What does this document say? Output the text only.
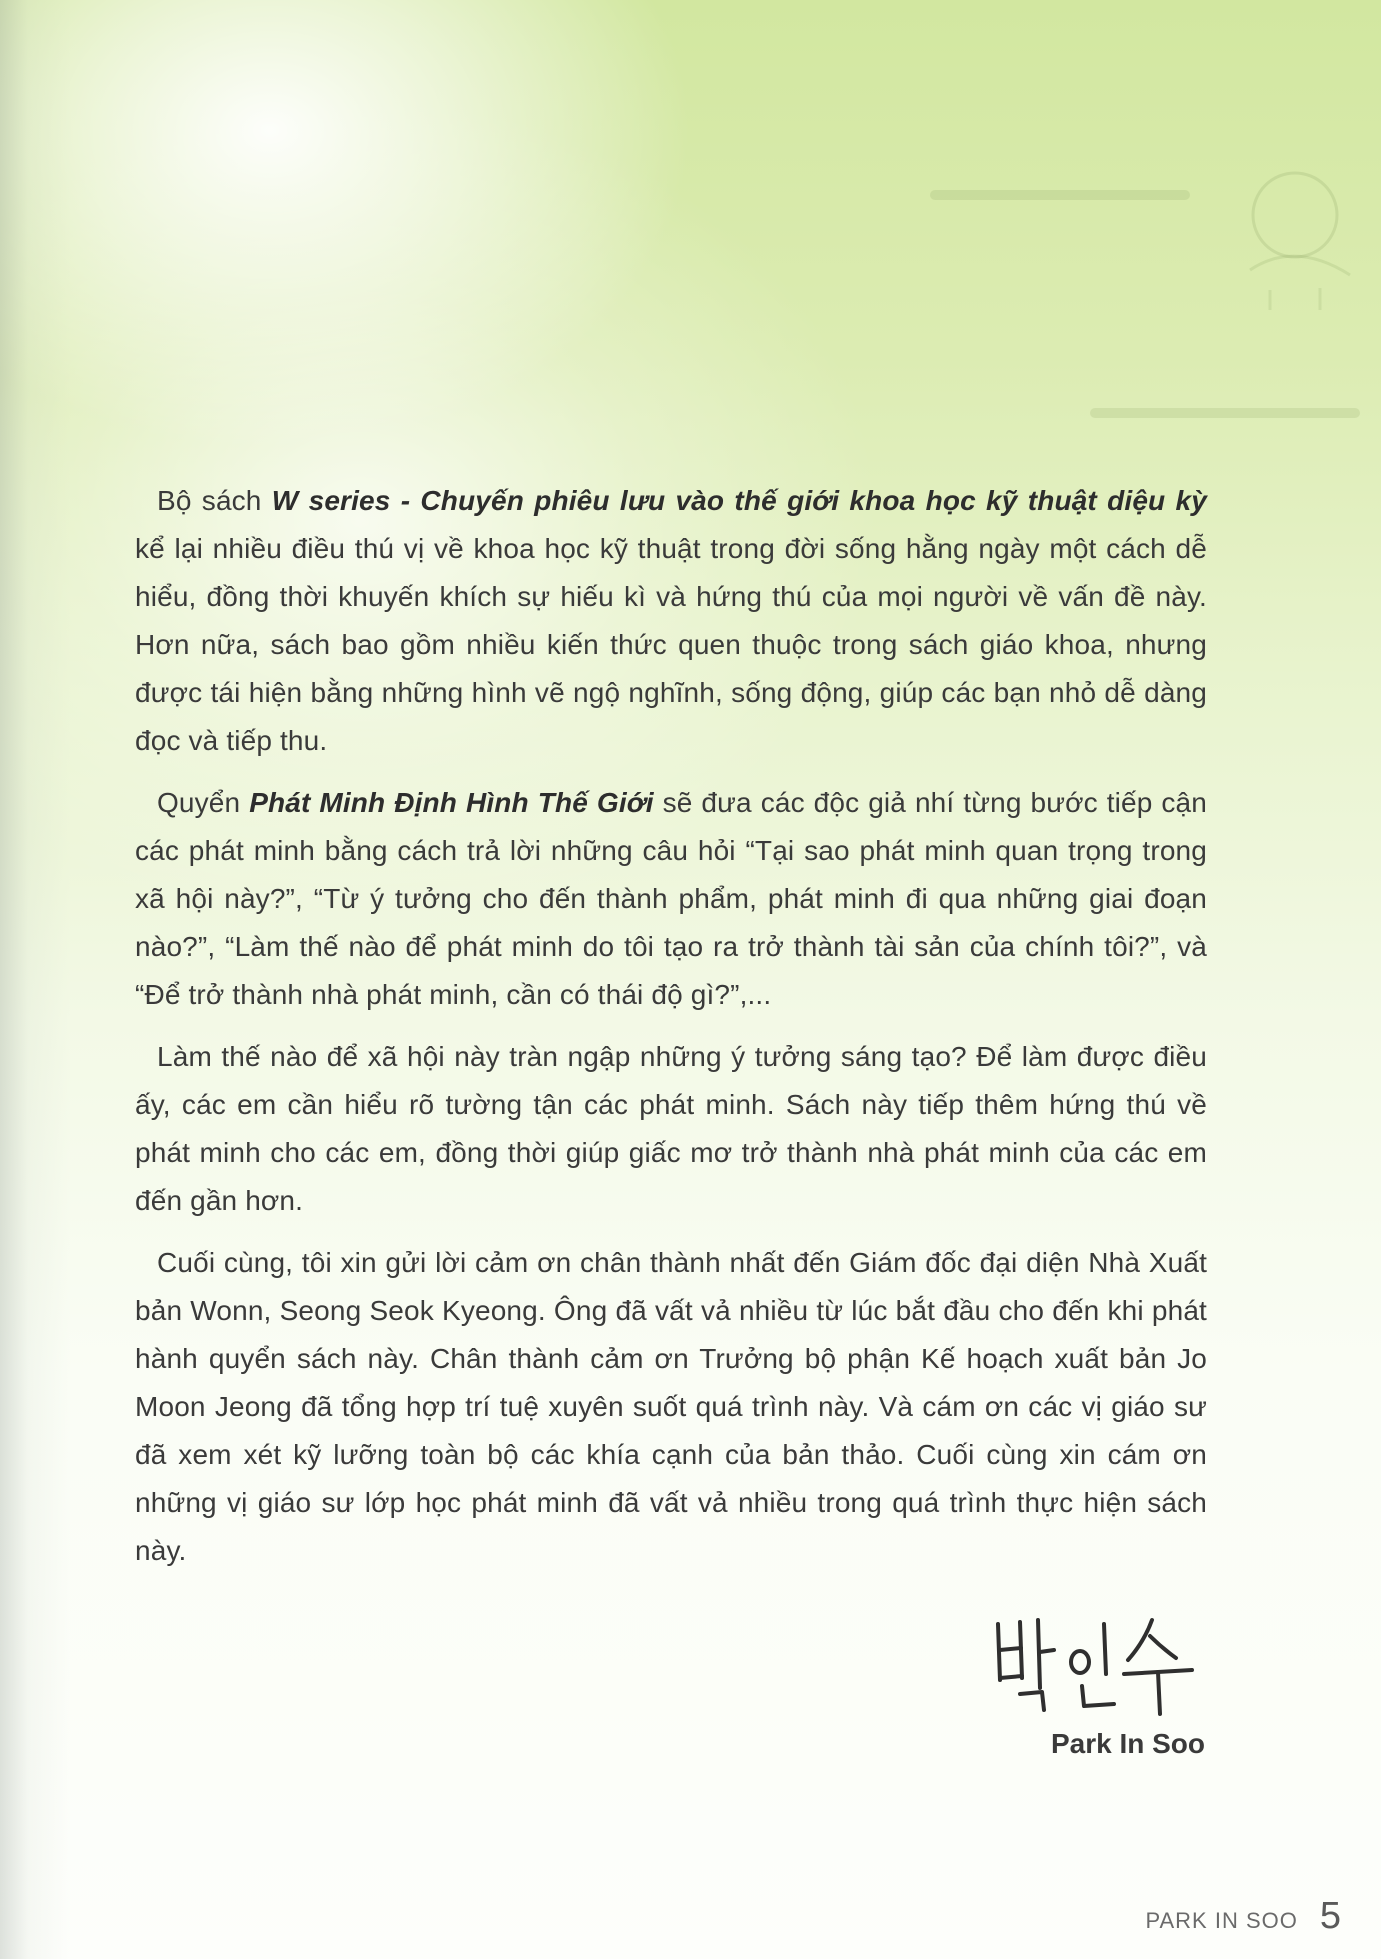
Bộ sách W series - Chuyến phiêu lưu vào thế giới khoa học kỹ thuật diệu kỳ kể lại nhiều điều thú vị về khoa học kỹ thuật trong đời sống hằng ngày một cách dễ hiểu, đồng thời khuyến khích sự hiếu kì và hứng thú của mọi người về vấn đề này. Hơn nữa, sách bao gồm nhiều kiến thức quen thuộc trong sách giáo khoa, nhưng được tái hiện bằng những hình vẽ ngộ nghĩnh, sống động, giúp các bạn nhỏ dễ dàng đọc và tiếp thu.

Quyển Phát Minh Định Hình Thế Giới sẽ đưa các độc giả nhí từng bước tiếp cận các phát minh bằng cách trả lời những câu hỏi “Tại sao phát minh quan trọng trong xã hội này?”, “Từ ý tưởng cho đến thành phẩm, phát minh đi qua những giai đoạn nào?”, “Làm thế nào để phát minh do tôi tạo ra trở thành tài sản của chính tôi?”, và “Để trở thành nhà phát minh, cần có thái độ gì?”,...

Làm thế nào để xã hội này tràn ngập những ý tưởng sáng tạo? Để làm được điều ấy, các em cần hiểu rõ tường tận các phát minh. Sách này tiếp thêm hứng thú về phát minh cho các em, đồng thời giúp giấc mơ trở thành nhà phát minh của các em đến gần hơn.

Cuối cùng, tôi xin gửi lời cảm ơn chân thành nhất đến Giám đốc đại diện Nhà Xuất bản Wonn, Seong Seok Kyeong. Ông đã vất vả nhiều từ lúc bắt đầu cho đến khi phát hành quyển sách này. Chân thành cảm ơn Trưởng bộ phận Kế hoạch xuất bản Jo Moon Jeong đã tổng hợp trí tuệ xuyên suốt quá trình này. Và cám ơn các vị giáo sư đã xem xét kỹ lưỡng toàn bộ các khía cạnh của bản thảo. Cuối cùng xin cám ơn những vị giáo sư lớp học phát minh đã vất vả nhiều trong quá trình thực hiện sách này.

Park In Soo
PARK IN SOO 5
